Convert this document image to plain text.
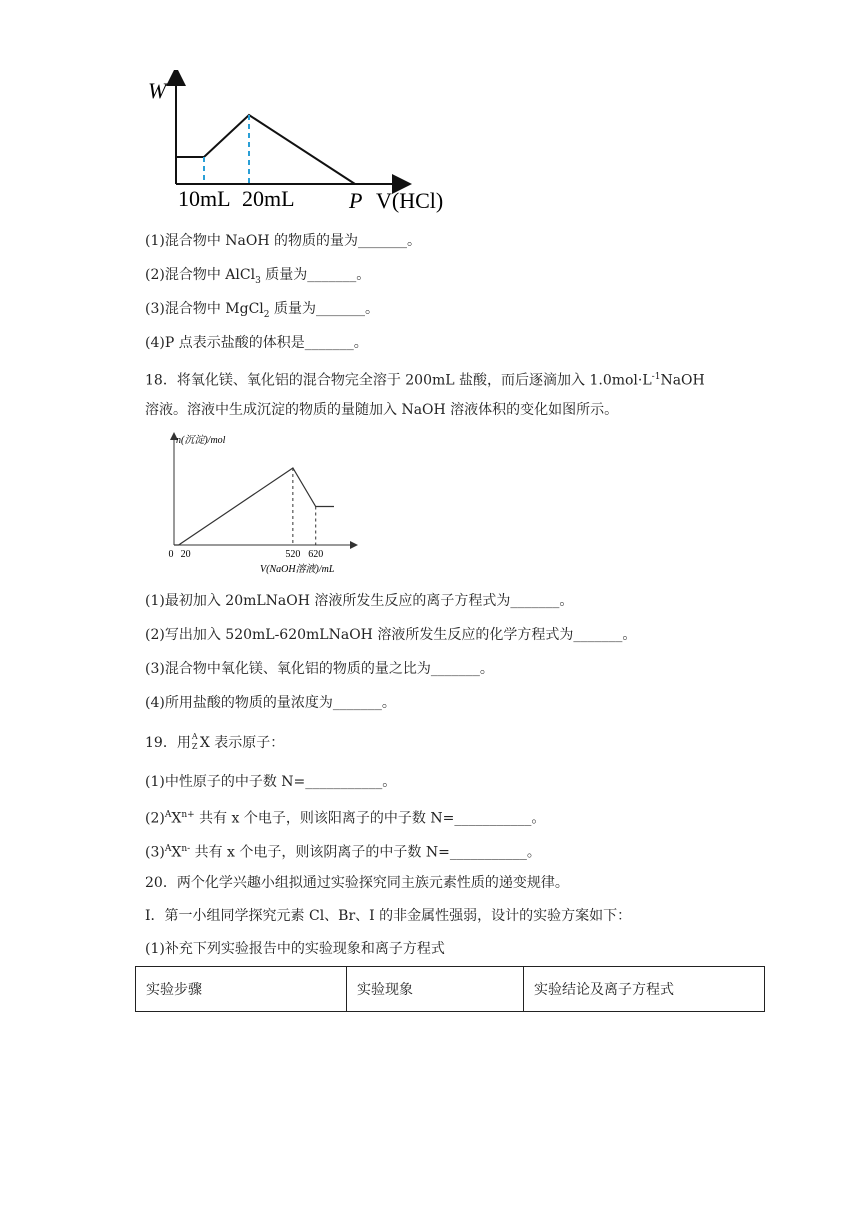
W
10mL 20mL P V(HCl)
(1)混合物中 NaOH 的物质的量为_______。
(2)混合物中 AlCl$_3$ 质量为_______。
(3)混合物中 MgCl$_2$ 质量为_______。
(4)P 点表示盐酸的体积是_______。
18．将氧化镁、氧化铝的混合物完全溶于 200mL 盐酸，而后逐滴加入 $1.0mol\cdot L^{-1}NaOH$
溶液。溶液中生成沉淀的物质的量随加入 NaOH 溶液体积的变化如图所示。
n(沉淀)/mol
0 20	520 620
V(NaOH溶液)/mL
(1)最初加入 20mLNaOH 溶液所发生反应的离子方程式为_______。
(2)写出加入 520mL-620mLNaOH 溶液所发生反应的化学方程式为_______。
(3)混合物中氧化镁、氧化铝的物质的量之比为_______。
(4)所用盐酸的物质的量浓度为_______。
19．用 A
Z X 表示原子：
(1)中性原子的中子数 N=___________。
$(2)^AX^{n+}$ 共有 x 个电子，则该阳离子的中子数 N=___________。
$(3)^AX^{n-}$ 共有 x 个电子，则该阴离子的中子数 N=___________。
20．两个化学兴趣小组拟通过实验探究同主族元素性质的递变规律。
I．第一小组同学探究元素 Cl、Br、I 的非金属性强弱，设计的实验方案如下：
(1)补充下列实验报告中的实验现象和离子方程式
实验步骤	实验现象	实验结论及离子方程式
